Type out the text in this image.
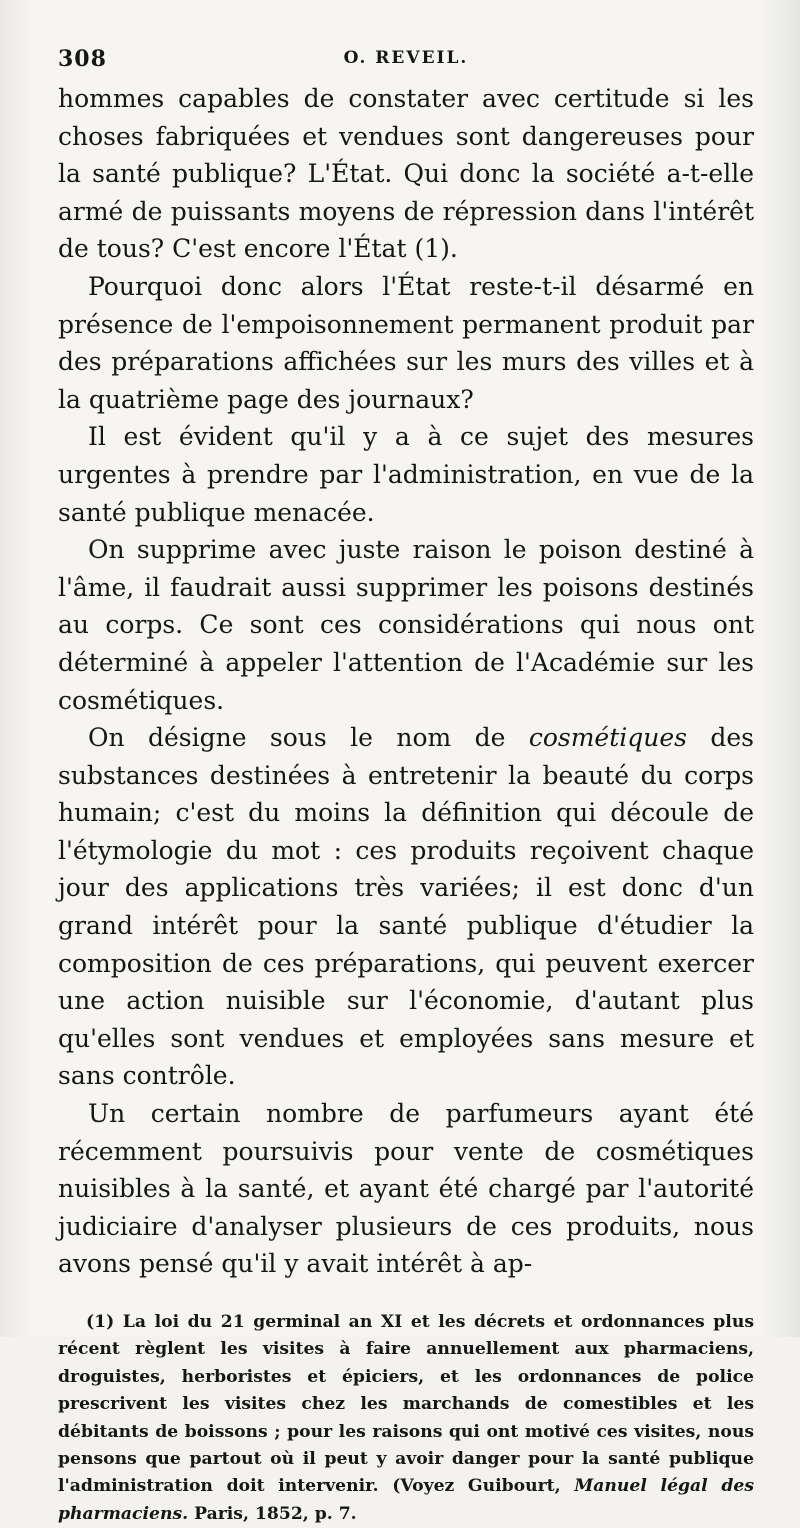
308	O. REVEIL.

hommes capables de constater avec certitude si les choses fabriquées et vendues sont dangereuses pour la santé publique? L'État. Qui donc la société a-t-elle armé de puissants moyens de répression dans l'intérêt de tous? C'est encore l'État (1).

Pourquoi donc alors l'État reste-t-il désarmé en présence de l'empoisonnement permanent produit par des préparations affichées sur les murs des villes et à la quatrième page des journaux?

Il est évident qu'il y a à ce sujet des mesures urgentes à prendre par l'administration, en vue de la santé publique menacée.

On supprime avec juste raison le poison destiné à l'âme, il faudrait aussi supprimer les poisons destinés au corps. Ce sont ces considérations qui nous ont déterminé à appeler l'attention de l'Académie sur les cosmétiques.

On désigne sous le nom de cosmétiques des substances destinées à entretenir la beauté du corps humain; c'est du moins la définition qui découle de l'étymologie du mot : ces produits reçoivent chaque jour des applications très variées; il est donc d'un grand intérêt pour la santé publique d'étudier la composition de ces préparations, qui peuvent exercer une action nuisible sur l'économie, d'autant plus qu'elles sont vendues et employées sans mesure et sans contrôle.

Un certain nombre de parfumeurs ayant été récemment poursuivis pour vente de cosmétiques nuisibles à la santé, et ayant été chargé par l'autorité judiciaire d'analyser plusieurs de ces produits, nous avons pensé qu'il y avait intérêt à ap-

(1) La loi du 21 germinal an XI et les décrets et ordonnances plus récent règlent les visites à faire annuellement aux pharmaciens, droguistes, herboristes et épiciers, et les ordonnances de police prescrivent les visites chez les marchands de comestibles et les débitants de boissons ; pour les raisons qui ont motivé ces visites, nous pensons que partout où il peut y avoir danger pour la santé publique l'administration doit intervenir. (Voyez Guibourt, Manuel légal des pharmaciens. Paris, 1852, p. 7.
